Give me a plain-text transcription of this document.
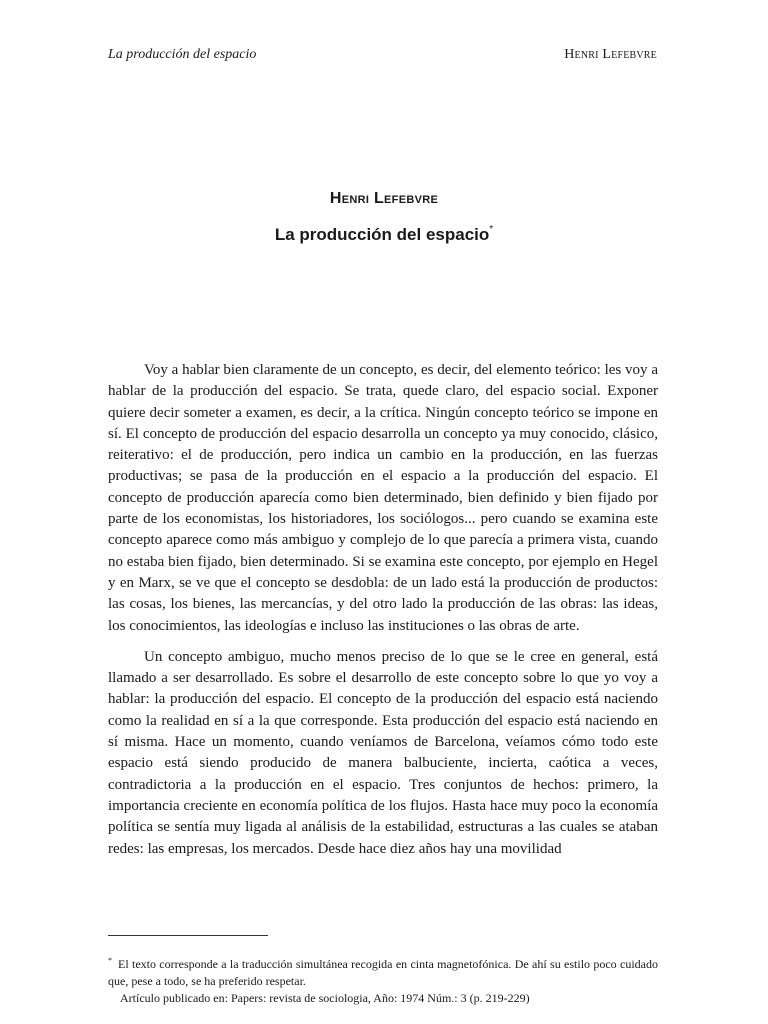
La producción del espacio	Henri Lefebvre
Henri Lefebvre
La producción del espacio*

Voy a hablar bien claramente de un concepto, es decir, del elemento teórico: les voy a hablar de la producción del espacio. Se trata, quede claro, del espacio social. Exponer quiere decir someter a examen, es decir, a la crítica. Ningún concepto teórico se impone en sí. El concepto de producción del espacio desarrolla un concepto ya muy conocido, clásico, reiterativo: el de producción, pero indica un cambio en la producción, en las fuerzas productivas; se pasa de la producción en el espacio a la producción del espacio. El concepto de producción aparecía como bien determinado, bien definido y bien fijado por parte de los economistas, los historiadores, los sociólogos... pero cuando se examina este concepto aparece como más ambiguo y complejo de lo que parecía a primera vista, cuando no estaba bien fijado, bien determinado. Si se examina este concepto, por ejemplo en Hegel y en Marx, se ve que el concepto se desdobla: de un lado está la producción de productos: las cosas, los bienes, las mercancías, y del otro lado la producción de las obras: las ideas, los conocimientos, las ideologías e incluso las instituciones o las obras de arte.

Un concepto ambiguo, mucho menos preciso de lo que se le cree en general, está llamado a ser desarrollado. Es sobre el desarrollo de este concepto sobre lo que yo voy a hablar: la producción del espacio. El concepto de la producción del espacio está naciendo como la realidad en sí a la que corresponde. Esta producción del espacio está naciendo en sí misma. Hace un momento, cuando veníamos de Barcelona, veíamos cómo todo este espacio está siendo producido de manera balbuciente, incierta, caótica a veces, contradictoria a la producción en el espacio. Tres conjuntos de hechos: primero, la importancia creciente en economía política de los flujos. Hasta hace muy poco la economía política se sentía muy ligada al análisis de la estabilidad, estructuras a las cuales se ataban redes: las empresas, los mercados. Desde hace diez años hay una movilidad

* El texto corresponde a la traducción simultánea recogida en cinta magnetofónica. De ahí su estilo poco cuidado que, pese a todo, se ha preferido respetar.
Artículo publicado en: Papers: revista de sociologia, Año: 1974 Núm.: 3 (p. 219-229)
